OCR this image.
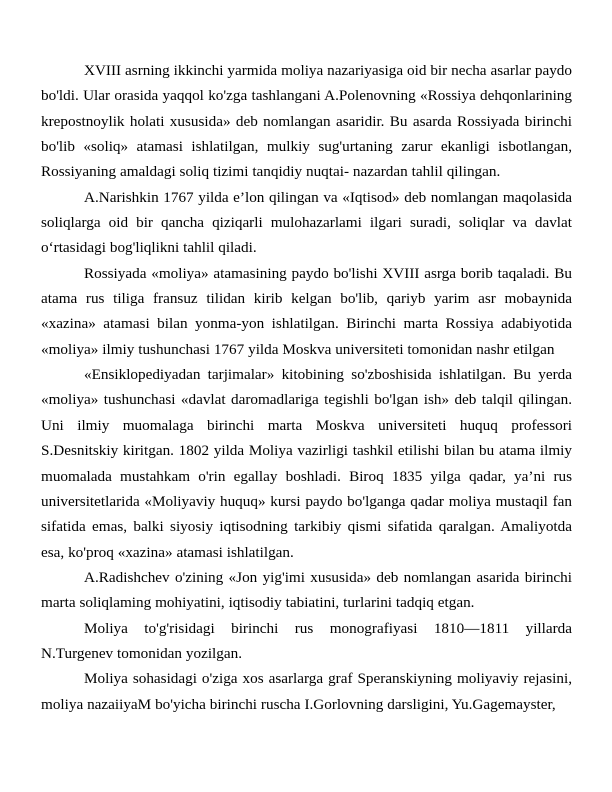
XVIII asrning ikkinchi yarmida moliya nazariyasiga oid bir necha asarlar paydo bo'ldi. Ular orasida yaqqol ko'zga tashlangani A.Polenovning «Rossiya dehqonlarining krepostnoylik holati xususida» deb nomlangan asaridir. Bu asarda Rossiyada birinchi bo'lib «soliq» atamasi ishlatilgan, mulkiy sug'urtaning zarur ekanligi isbotlangan, Rossiyaning amaldagi soliq tizimi tanqidiy nuqtai- nazardan tahlil qilingan.

A.Narishkin 1767 yilda e’lon qilingan va «Iqtisod» deb nomlangan maqolasida soliqlarga oid bir qancha qiziqarli mulohazarlami ilgari suradi, soliqlar va davlat o‘rtasidagi bog'liqlikni tahlil qiladi.

Rossiyada «moliya» atamasining paydo bo'lishi XVIII asrga borib taqaladi. Bu atama rus tiliga fransuz tilidan kirib kelgan bo'lib, qariyb yarim asr mobaynida «xazina» atamasi bilan yonma-yon ishlatilgan. Birinchi marta Rossiya adabiyotida «moliya» ilmiy tushunchasi 1767 yilda Moskva universiteti tomonidan nashr etilgan

«Ensiklopediyadan tarjimalar» kitobining so'zboshisida ishlatilgan. Bu yerda «moliya» tushunchasi «davlat daromadlariga tegishli bo'lgan ish» deb talqil qilingan. Uni ilmiy muomalaga birinchi marta Moskva universiteti huquq professori S.Desnitskiy kiritgan. 1802 yilda Moliya vazirligi tashkil etilishi bilan bu atama ilmiy muomalada mustahkam o'rin egallay boshladi. Biroq 1835 yilga qadar, ya’ni rus universitetlarida «Moliyaviy huquq» kursi paydo bo'lganga qadar moliya mustaqil fan sifatida emas, balki siyosiy iqtisodning tarkibiy qismi sifatida qaralgan. Amaliyotda esa, ko'proq «xazina» atamasi ishlatilgan.

A.Radishchev o'zining «Jon yig'imi xususida» deb nomlangan asarida birinchi marta soliqlaming mohiyatini, iqtisodiy tabiatini, turlarini tadqiq etgan.

Moliya to'g'risidagi birinchi rus monografiyasi 1810—1811 yillarda N.Turgenev tomonidan yozilgan.

Moliya sohasidagi o'ziga xos asarlarga graf Speranskiyning moliyaviy rejasini, moliya nazaiiyaM bo'yicha birinchi ruscha I.Gorlovning darsligini, Yu.Gagemayster,
